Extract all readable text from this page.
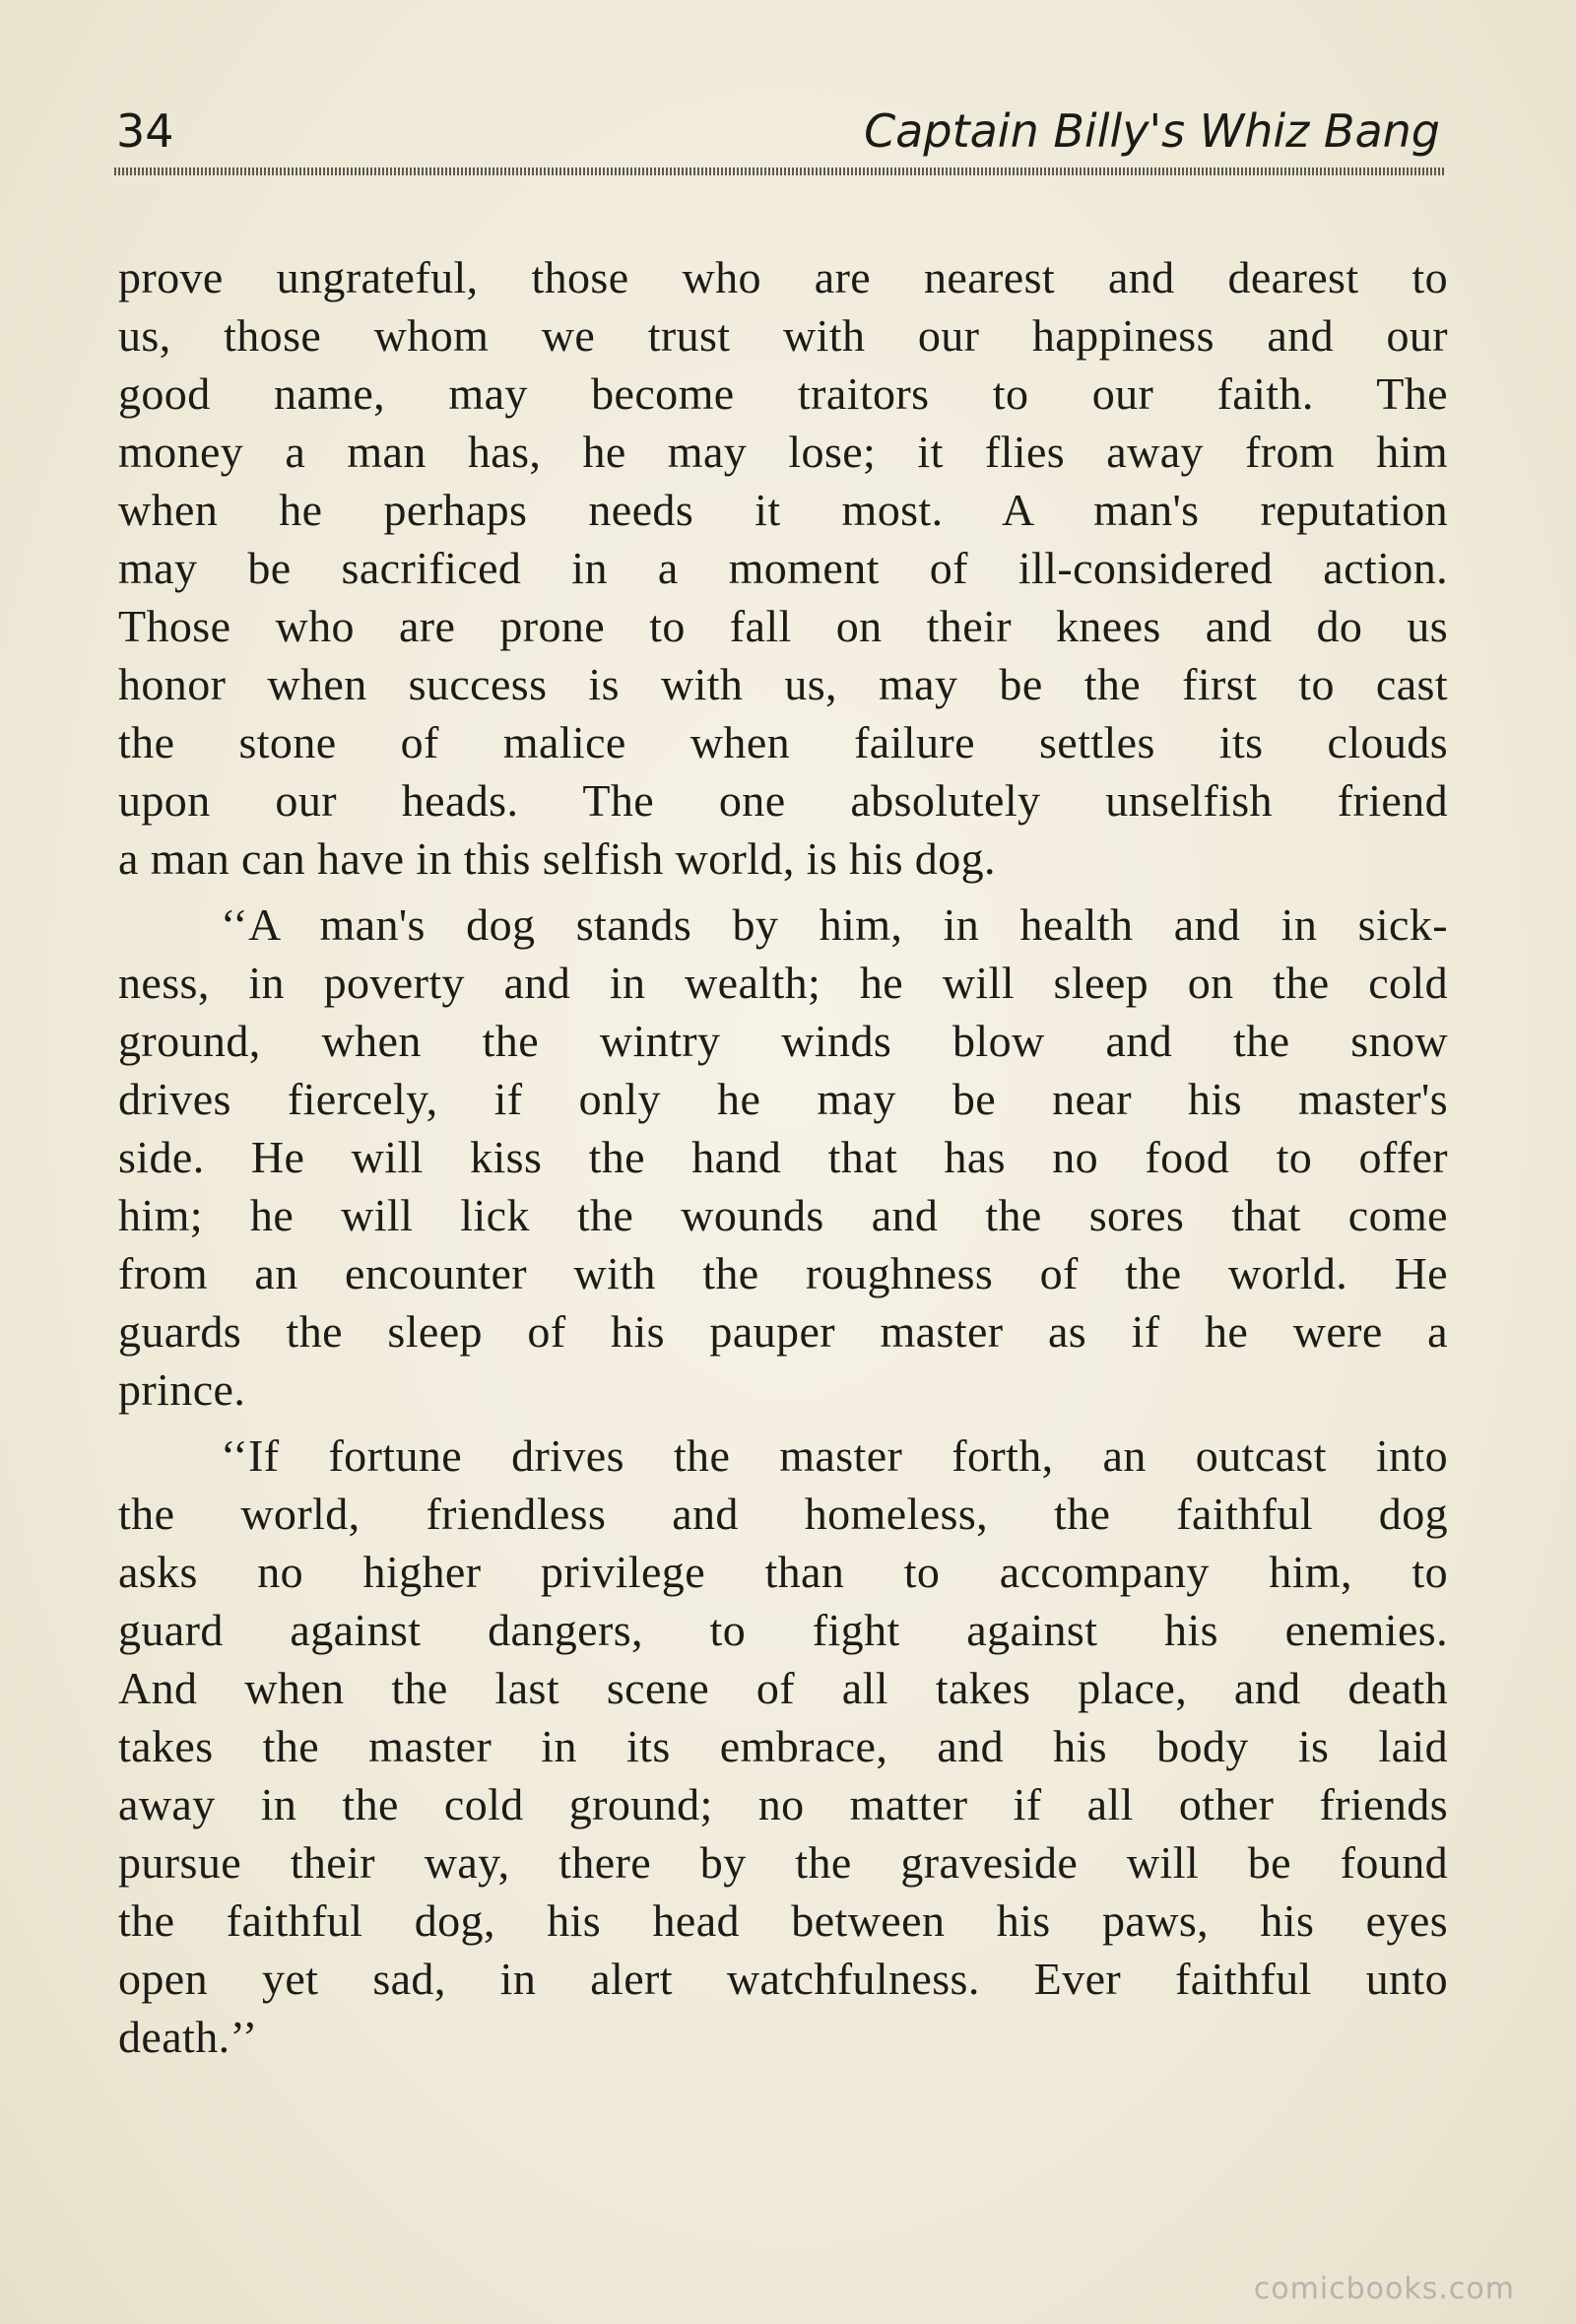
34	Captain Billy's Whiz Bang
prove ungrateful, those who are nearest and dearest to
us, those whom we trust with our happiness and our
good name, may become traitors to our faith. The
money a man has, he may lose; it flies away from him
when he perhaps needs it most. A man's reputation
may be sacrificed in a moment of ill-considered action.
Those who are prone to fall on their knees and do us
honor when success is with us, may be the first to cast
the stone of malice when failure settles its clouds
upon our heads. The one absolutely unselfish friend
a man can have in this selfish world, is his dog.
‘‘A man's dog stands by him, in health and in sick-
ness, in poverty and in wealth; he will sleep on the cold
ground, when the wintry winds blow and the snow
drives fiercely, if only he may be near his master's
side. He will kiss the hand that has no food to offer
him; he will lick the wounds and the sores that come
from an encounter with the roughness of the world. He
guards the sleep of his pauper master as if he were a
prince.
‘‘If fortune drives the master forth, an outcast into
the world, friendless and homeless, the faithful dog
asks no higher privilege than to accompany him, to
guard against dangers, to fight against his enemies.
And when the last scene of all takes place, and death
takes the master in its embrace, and his body is laid
away in the cold ground; no matter if all other friends
pursue their way, there by the graveside will be found
the faithful dog, his head between his paws, his eyes
open yet sad, in alert watchfulness. Ever faithful unto
death.’’
comicbooks.com
